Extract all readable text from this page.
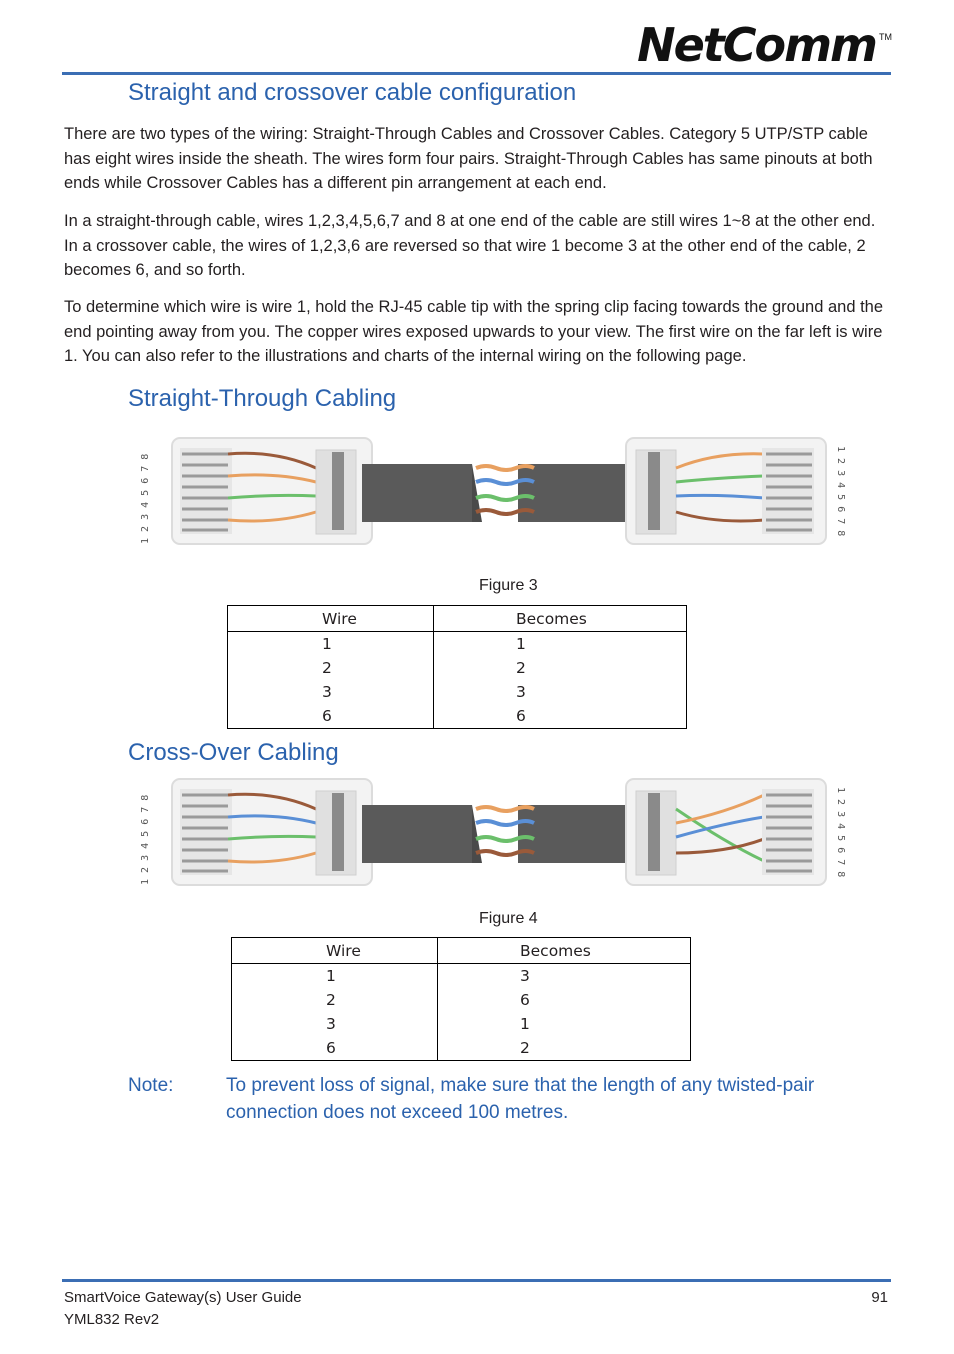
NetComm TM
Straight and crossover cable configuration

There are two types of the wiring: Straight-Through Cables and Crossover Cables. Category 5 UTP/STP cable has eight wires inside the sheath. The wires form four pairs. Straight-Through Cables has same pinouts at both ends while Crossover Cables has a different pin arrangement at each end.

In a straight-through cable, wires 1,2,3,4,5,6,7 and 8 at one end of the cable are still wires 1~8 at the other end. In a crossover cable, the wires of 1,2,3,6 are reversed so that wire 1 become 3 at the other end of the cable, 2 becomes 6, and so forth.

To determine which wire is wire 1, hold the RJ-45 cable tip with the spring clip facing towards the ground and the end pointing away from you. The copper wires exposed upwards to your view. The first wire on the far left is wire 1. You can also refer to the illustrations and charts of the internal wiring on the following page.

Straight-Through Cabling
1 2 3 4 5 6 7 8	1 2 3 4 5 6 7 8
Figure 3
Wire	Becomes
1	1
2	2
3	3
6	6
Cross-Over Cabling
1 2 3 4 5 6 7 8	1 2 3 4 5 6 7 8
Figure 4
Wire	Becomes
1	3
2	6
3	1
6	2
Note:	To prevent loss of signal, make sure that the length of any twisted-pair connection does not exceed 100 metres.
SmartVoice Gateway(s) User Guide
YML832 Rev2
91
